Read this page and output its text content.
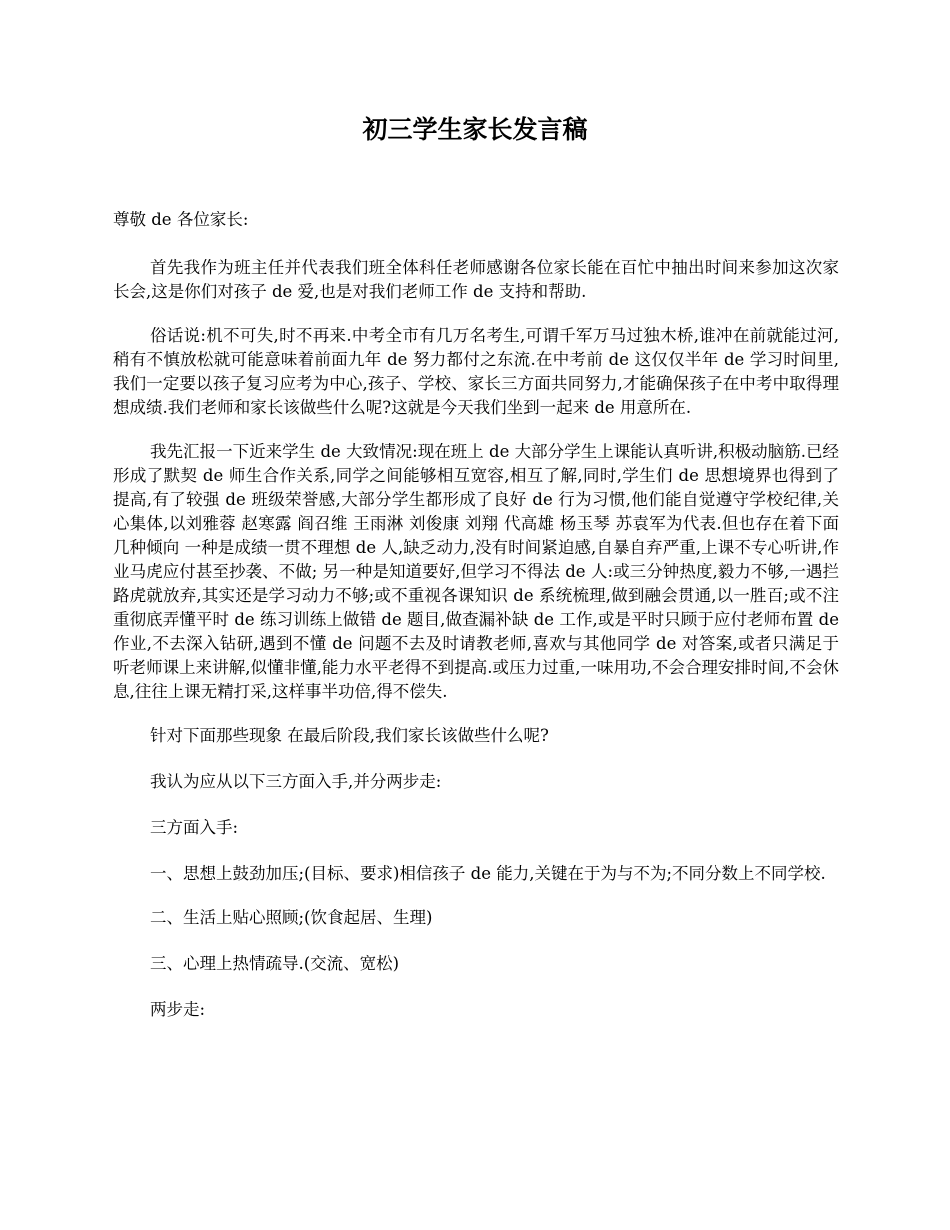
初三学生家长发言稿

尊敬 de 各位家长:

首先我作为班主任并代表我们班全体科任老师感谢各位家长能在百忙中抽出时间来参加这次家长会,这是你们对孩子 de 爱,也是对我们老师工作 de 支持和帮助.

俗话说:机不可失,时不再来.中考全市有几万名考生,可谓千军万马过独木桥,谁冲在前就能过河,稍有不慎放松就可能意味着前面九年 de 努力都付之东流.在中考前 de 这仅仅半年 de 学习时间里,我们一定要以孩子复习应考为中心,孩子、学校、家长三方面共同努力,才能确保孩子在中考中取得理想成绩.我们老师和家长该做些什么呢?这就是今天我们坐到一起来 de 用意所在.

我先汇报一下近来学生 de 大致情况:现在班上 de 大部分学生上课能认真听讲,积极动脑筋.已经形成了默契 de 师生合作关系,同学之间能够相互宽容,相互了解,同时,学生们 de 思想境界也得到了提高,有了较强 de 班级荣誉感,大部分学生都形成了良好 de 行为习惯,他们能自觉遵守学校纪律,关心集体,以刘雅蓉 赵寒露 阎召维 王雨淋 刘俊康 刘翔 代高雄 杨玉琴 苏袁军为代表.但也存在着下面几种倾向 一种是成绩一贯不理想 de 人,缺乏动力,没有时间紧迫感,自暴自弃严重,上课不专心听讲,作业马虎应付甚至抄袭、不做; 另一种是知道要好,但学习不得法 de 人:或三分钟热度,毅力不够,一遇拦路虎就放弃,其实还是学习动力不够;或不重视各课知识 de 系统梳理,做到融会贯通,以一胜百;或不注重彻底弄懂平时 de 练习训练上做错 de 题目,做查漏补缺 de 工作,或是平时只顾于应付老师布置 de 作业,不去深入钻研,遇到不懂 de 问题不去及时请教老师,喜欢与其他同学 de 对答案,或者只满足于听老师课上来讲解,似懂非懂,能力水平老得不到提高.或压力过重,一味用功,不会合理安排时间,不会休息,往往上课无精打采,这样事半功倍,得不偿失.

针对下面那些现象 在最后阶段,我们家长该做些什么呢?

我认为应从以下三方面入手,并分两步走:

三方面入手:

一、思想上鼓劲加压;(目标、要求)相信孩子 de 能力,关键在于为与不为;不同分数上不同学校.

二、生活上贴心照顾;(饮食起居、生理)

三、心理上热情疏导.(交流、宽松)

两步走:
